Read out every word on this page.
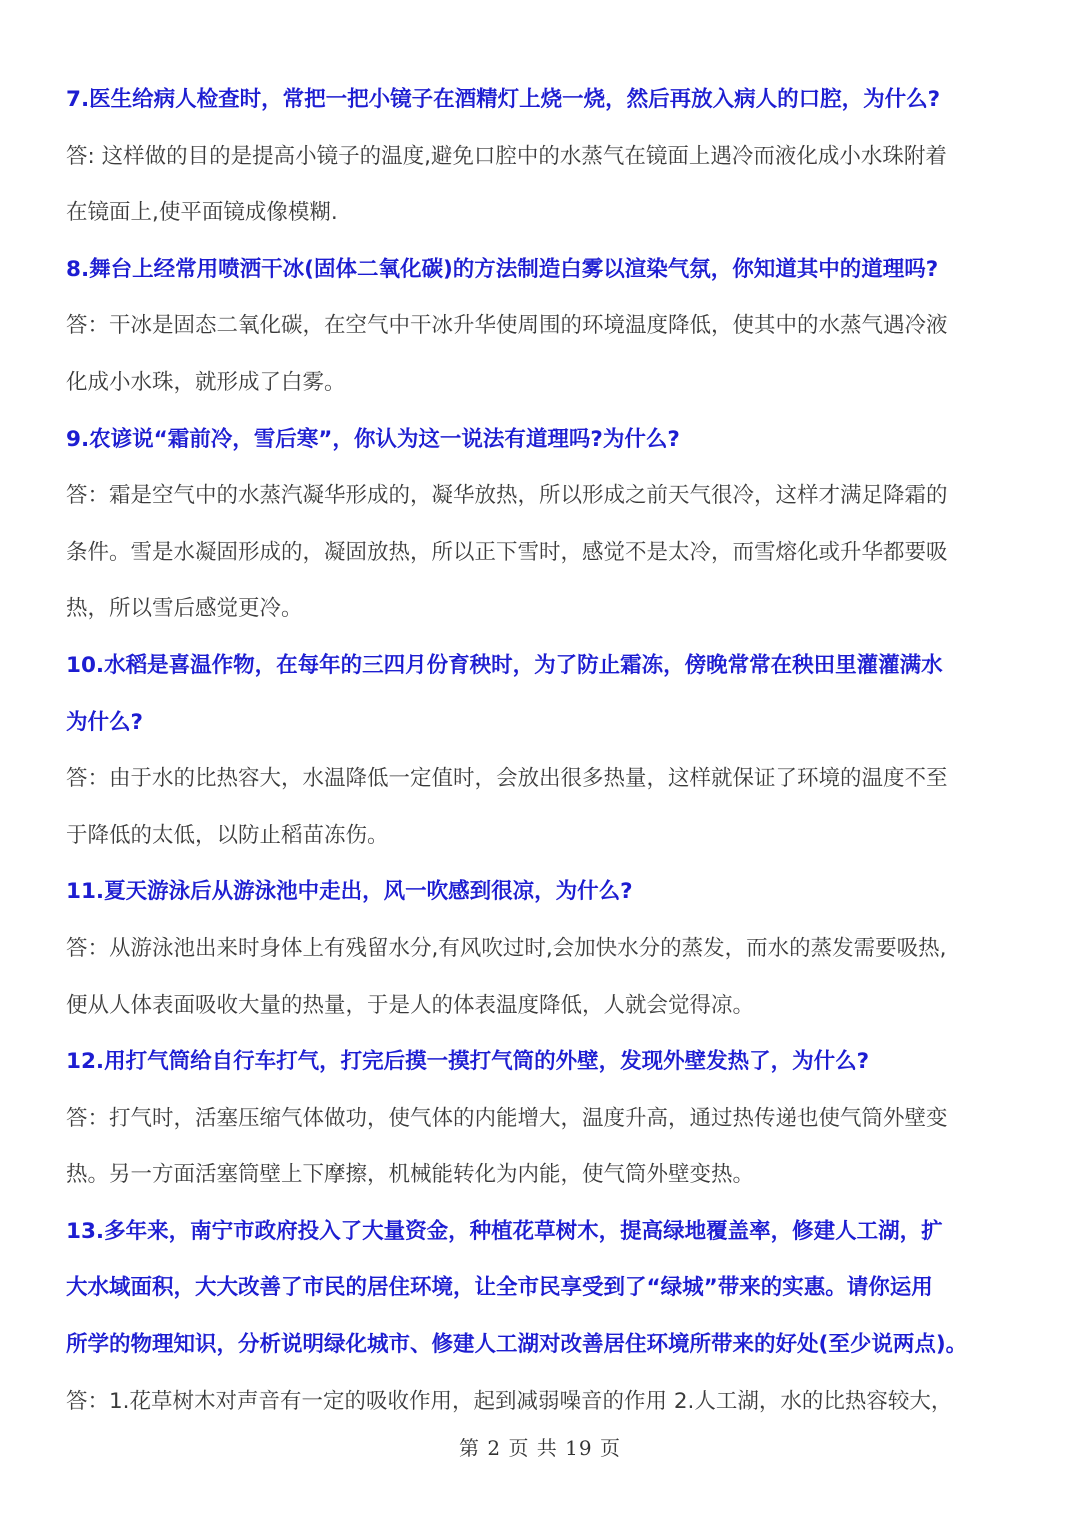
7.医生给病人检查时，常把一把小镜子在酒精灯上烧一烧，然后再放入病人的口腔，为什么?
答: 这样做的目的是提高小镜子的温度,避免口腔中的水蒸气在镜面上遇冷而液化成小水珠附着
在镜面上,使平面镜成像模糊.
8.舞台上经常用喷洒干冰(固体二氧化碳)的方法制造白雾以渲染气氛，你知道其中的道理吗?
答：干冰是固态二氧化碳，在空气中干冰升华使周围的环境温度降低，使其中的水蒸气遇冷液
化成小水珠，就形成了白雾。
9.农谚说“霜前冷，雪后寒”，你认为这一说法有道理吗?为什么?
答：霜是空气中的水蒸汽凝华形成的，凝华放热，所以形成之前天气很冷，这样才满足降霜的
条件。雪是水凝固形成的，凝固放热，所以正下雪时，感觉不是太冷，而雪熔化或升华都要吸
热，所以雪后感觉更冷。
10.水稻是喜温作物，在每年的三四月份育秧时，为了防止霜冻，傍晚常常在秧田里灌灌满水
为什么?
答：由于水的比热容大，水温降低一定值时，会放出很多热量，这样就保证了环境的温度不至
于降低的太低，以防止稻苗冻伤。
11.夏天游泳后从游泳池中走出，风一吹感到很凉，为什么?
答：从游泳池出来时身体上有残留水分,有风吹过时,会加快水分的蒸发，而水的蒸发需要吸热,
便从人体表面吸收大量的热量，于是人的体表温度降低，人就会觉得凉。
12.用打气筒给自行车打气，打完后摸一摸打气筒的外壁，发现外壁发热了，为什么?
答：打气时，活塞压缩气体做功，使气体的内能增大，温度升高，通过热传递也使气筒外壁变
热。另一方面活塞筒壁上下摩擦，机械能转化为内能，使气筒外壁变热。
13.多年来，南宁市政府投入了大量资金，种植花草树木，提高绿地覆盖率，修建人工湖，扩
大水域面积，大大改善了市民的居住环境，让全市民享受到了“绿城”带来的实惠。请你运用
所学的物理知识，分析说明绿化城市、修建人工湖对改善居住环境所带来的好处(至少说两点)。
答：1.花草树木对声音有一定的吸收作用，起到减弱噪音的作用 2.人工湖，水的比热容较大，
第 2 页 共 19 页
